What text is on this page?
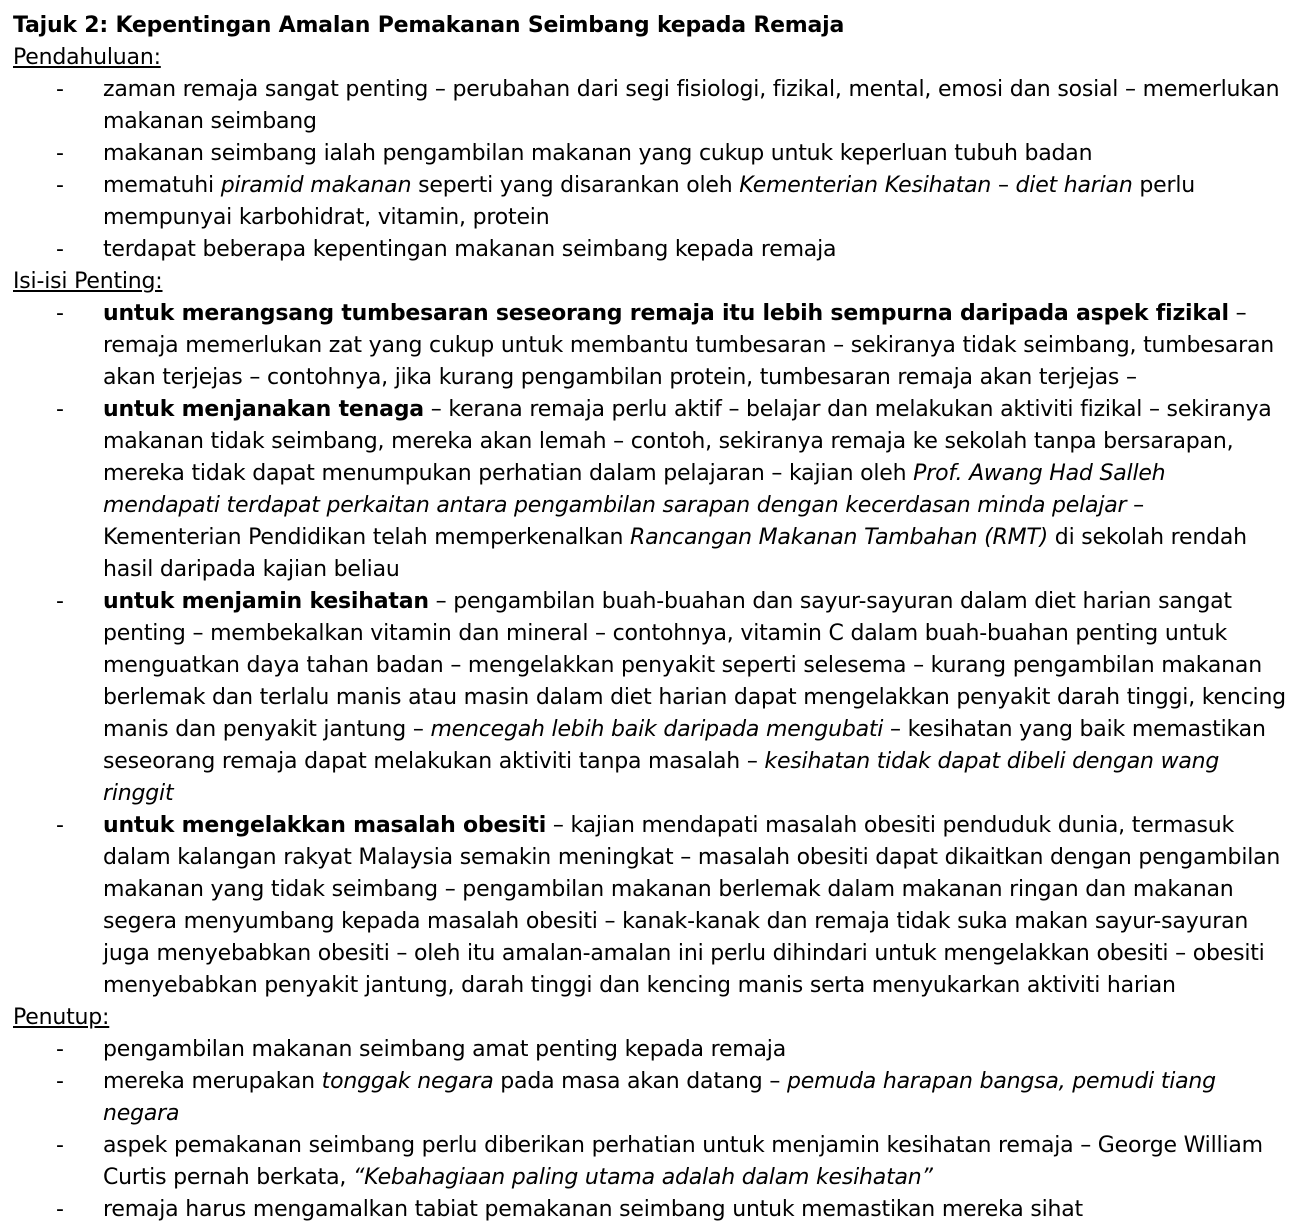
Tajuk 2: Kepentingan Amalan Pemakanan Seimbang kepada Remaja
Pendahuluan:
- zaman remaja sangat penting – perubahan dari segi fisiologi, fizikal, mental, emosi dan sosial – memerlukan makanan seimbang
- makanan seimbang ialah pengambilan makanan yang cukup untuk keperluan tubuh badan
- mematuhi piramid makanan seperti yang disarankan oleh Kementerian Kesihatan – diet harian perlu mempunyai karbohidrat, vitamin, protein
- terdapat beberapa kepentingan makanan seimbang kepada remaja
Isi-isi Penting:
- untuk merangsang tumbesaran seseorang remaja itu lebih sempurna daripada aspek fizikal – remaja memerlukan zat yang cukup untuk membantu tumbesaran – sekiranya tidak seimbang, tumbesaran akan terjejas – contohnya, jika kurang pengambilan protein, tumbesaran remaja akan terjejas –
- untuk menjanakan tenaga – kerana remaja perlu aktif – belajar dan melakukan aktiviti fizikal – sekiranya makanan tidak seimbang, mereka akan lemah – contoh, sekiranya remaja ke sekolah tanpa bersarapan, mereka tidak dapat menumpukan perhatian dalam pelajaran – kajian oleh Prof. Awang Had Salleh mendapati terdapat perkaitan antara pengambilan sarapan dengan kecerdasan minda pelajar – Kementerian Pendidikan telah memperkenalkan Rancangan Makanan Tambahan (RMT) di sekolah rendah hasil daripada kajian beliau
- untuk menjamin kesihatan – pengambilan buah-buahan dan sayur-sayuran dalam diet harian sangat penting – membekalkan vitamin dan mineral – contohnya, vitamin C dalam buah-buahan penting untuk menguatkan daya tahan badan – mengelakkan penyakit seperti selesema – kurang pengambilan makanan berlemak dan terlalu manis atau masin dalam diet harian dapat mengelakkan penyakit darah tinggi, kencing manis dan penyakit jantung – mencegah lebih baik daripada mengubati – kesihatan yang baik memastikan seseorang remaja dapat melakukan aktiviti tanpa masalah – kesihatan tidak dapat dibeli dengan wang ringgit
- untuk mengelakkan masalah obesiti – kajian mendapati masalah obesiti penduduk dunia, termasuk dalam kalangan rakyat Malaysia semakin meningkat – masalah obesiti dapat dikaitkan dengan pengambilan makanan yang tidak seimbang – pengambilan makanan berlemak dalam makanan ringan dan makanan segera menyumbang kepada masalah obesiti – kanak-kanak dan remaja tidak suka makan sayur-sayuran juga menyebabkan obesiti – oleh itu amalan-amalan ini perlu dihindari untuk mengelakkan obesiti – obesiti menyebabkan penyakit jantung, darah tinggi dan kencing manis serta menyukarkan aktiviti harian
Penutup:
- pengambilan makanan seimbang amat penting kepada remaja
- mereka merupakan tonggak negara pada masa akan datang – pemuda harapan bangsa, pemudi tiang negara
- aspek pemakanan seimbang perlu diberikan perhatian untuk menjamin kesihatan remaja – George William Curtis pernah berkata, “Kebahagiaan paling utama adalah dalam kesihatan”
- remaja harus mengamalkan tabiat pemakanan seimbang untuk memastikan mereka sihat
